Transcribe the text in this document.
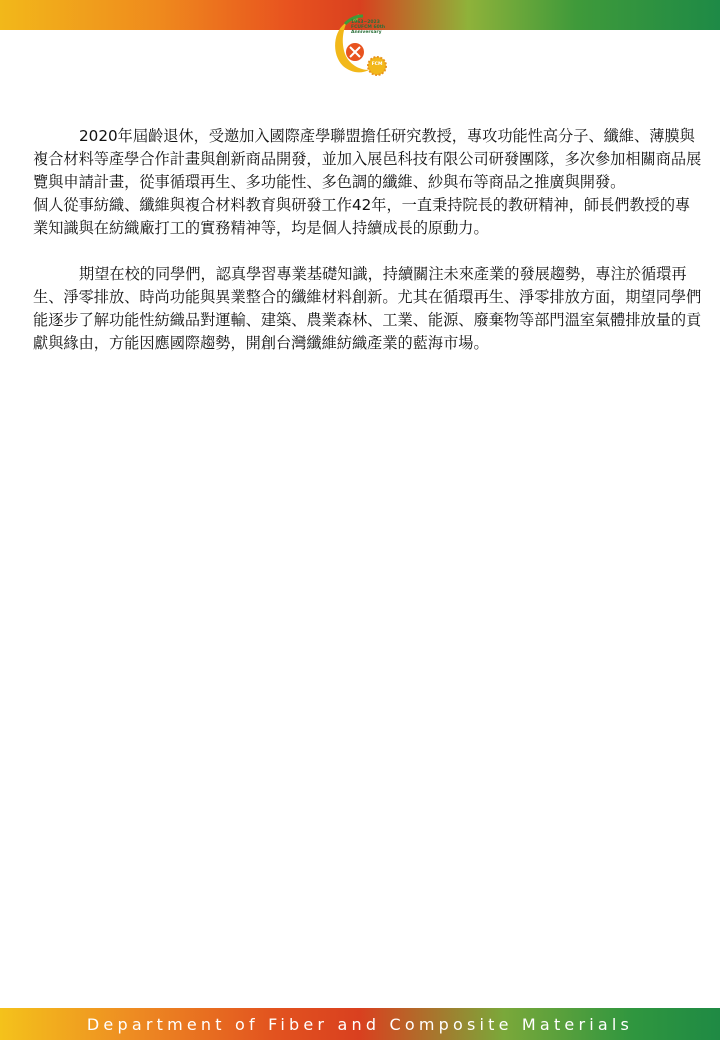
1963~2023
FCUFCM 60th
Anniversary
FCM

2020年屆齡退休，受邀加入國際產學聯盟擔任研究教授，專攻功能性高分子、纖維、薄膜與複合材料等產學合作計畫與創新商品開發，並加入展邑科技有限公司研發團隊，多次參加相關商品展覽與申請計畫，從事循環再生、多功能性、多色調的纖維、紗與布等商品之推廣與開發。

個人從事紡織、纖維與複合材料教育與研發工作42年，一直秉持院長的教研精神，師長們教授的專業知識與在紡織廠打工的實務精神等，均是個人持續成長的原動力。

期望在校的同學們，認真學習專業基礎知識，持續關注未來產業的發展趨勢，專注於循環再生、淨零排放、時尚功能與異業整合的纖維材料創新。尤其在循環再生、淨零排放方面，期望同學們能逐步了解功能性紡織品對運輸、建築、農業森林、工業、能源、廢棄物等部門溫室氣體排放量的貢獻與緣由，方能因應國際趨勢，開創台灣纖維紡織產業的藍海市場。

Department of Fiber and Composite Materials
